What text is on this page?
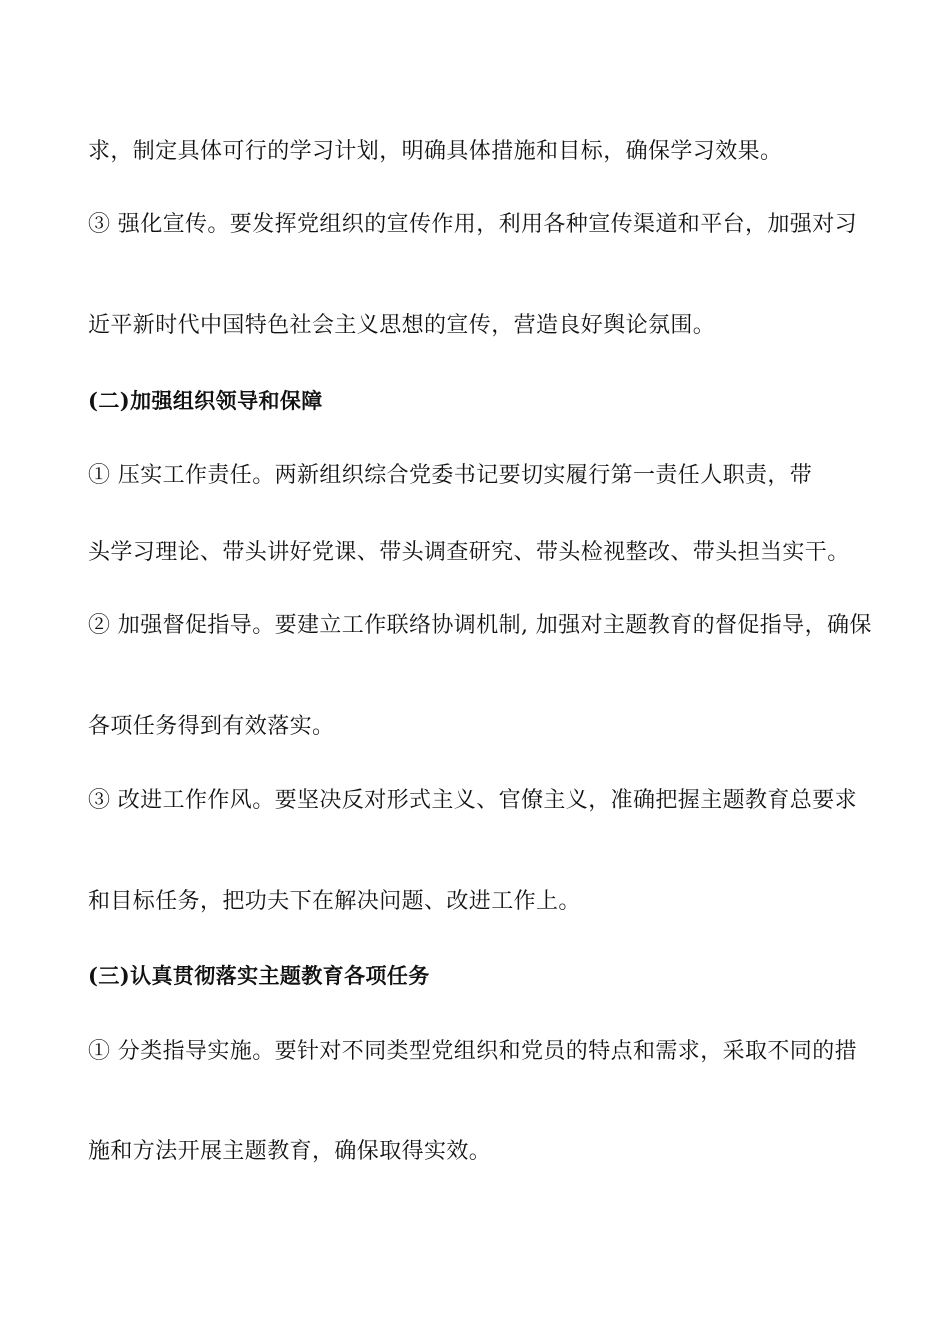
求，制定具体可行的学习计划，明确具体措施和目标，确保学习效果。
③ 强化宣传。要发挥党组织的宣传作用，利用各种宣传渠道和平台，加强对习
近平新时代中国特色社会主义思想的宣传，营造良好舆论氛围。
(二)加强组织领导和保障
① 压实工作责任。两新组织综合党委书记要切实履行第一责任人职责，带
头学习理论、带头讲好党课、带头调查研究、带头检视整改、带头担当实干。
② 加强督促指导。要建立工作联络协调机制, 加强对主题教育的督促指导，确保
各项任务得到有效落实。
③ 改进工作作风。要坚决反对形式主义、官僚主义，准确把握主题教育总要求
和目标任务，把功夫下在解决问题、改进工作上。
(三)认真贯彻落实主题教育各项任务
① 分类指导实施。要针对不同类型党组织和党员的特点和需求，采取不同的措
施和方法开展主题教育，确保取得实效。
